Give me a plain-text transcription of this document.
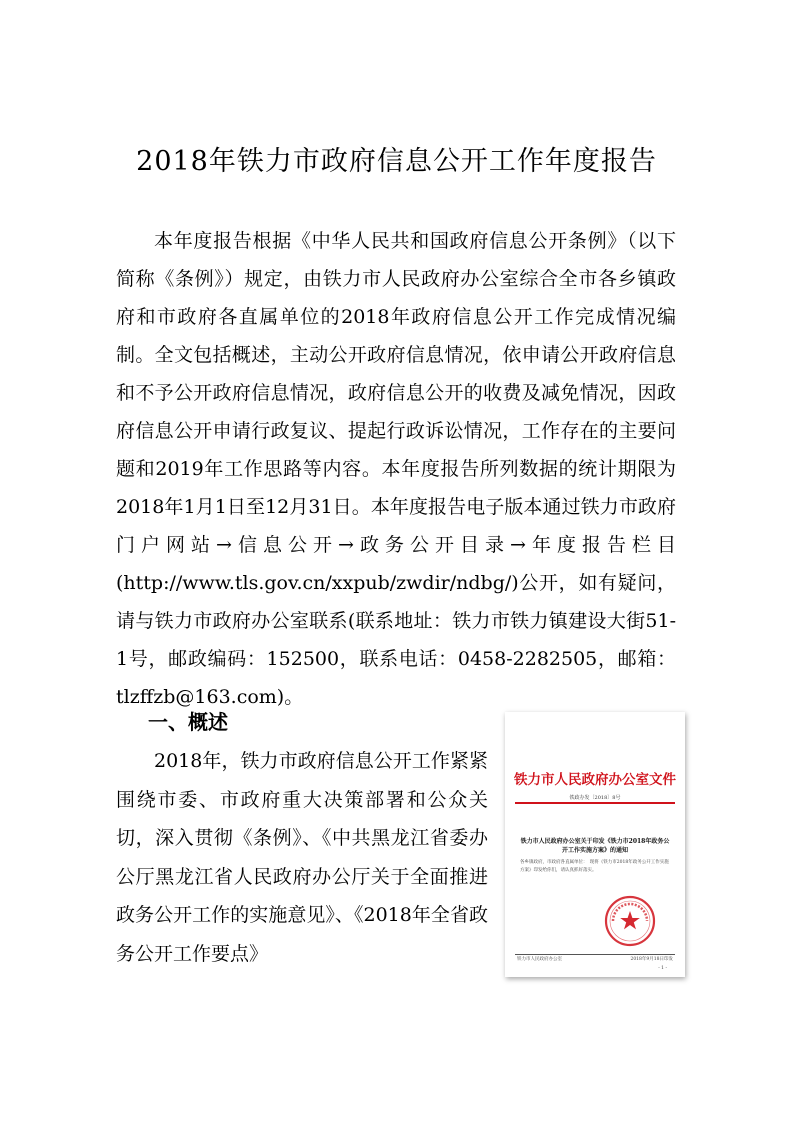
2018年铁力市政府信息公开工作年度报告

本年度报告根据《中华人民共和国政府信息公开条例》（以下简称《条例》）规定，由铁力市人民政府办公室综合全市各乡镇政府和市政府各直属单位的2018年政府信息公开工作完成情况编制。全文包括概述，主动公开政府信息情况，依申请公开政府信息和不予公开政府信息情况，政府信息公开的收费及减免情况，因政府信息公开申请行政复议、提起行政诉讼情况，工作存在的主要问题和2019年工作思路等内容。本年度报告所列数据的统计期限为2018年1月1日至12月31日。本年度报告电子版本通过铁力市政府门户网站→信息公开→政务公开目录→年度报告栏目(http://www.tls.gov.cn/xxpub/zwdir/ndbg/)公开，如有疑问，请与铁力市政府办公室联系(联系地址：铁力市铁力镇建设大街51-1号，邮政编码：152500，联系电话：0458-2282505，邮箱：tlzffzb@163.com)。

一、概述

2018年，铁力市政府信息公开工作紧紧围绕市委、市政府重大决策部署和公众关切，深入贯彻《条例》、《中共黑龙江省委办公厅黑龙江省人民政府办公厅关于全面推进政务公开工作的实施意见》、《2018年全省政务公开工作要点》

铁力市人民政府办公室文件
铁政办发〔2018〕8号
铁力市人民政府办公室关于印发《铁力市2018年政务公开工作实施方案》的通知
各乡镇政府，市政府各直属单位：　现将《铁力市2018年政务公开工作实施方案》印发给你们，请认真抓好落实。
铁力市人民政府办公室	2018年9月18日印发
- 1 -
